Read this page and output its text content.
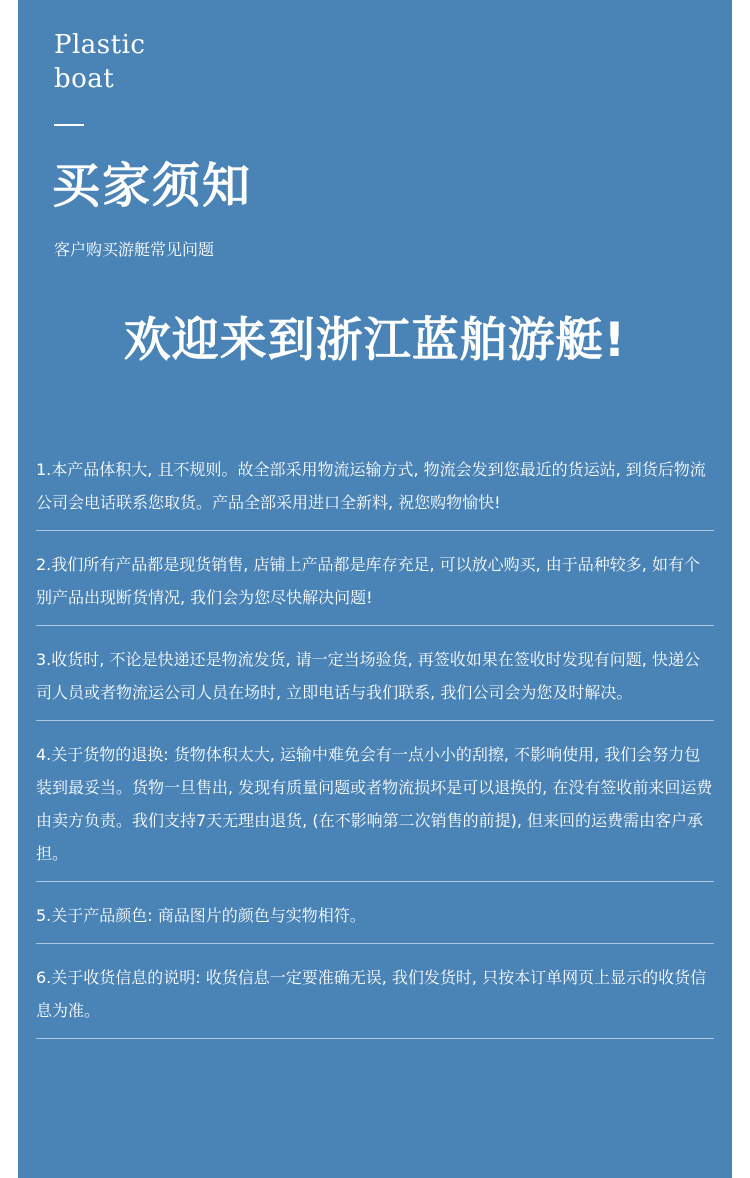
Plastic
boat
买家须知
客户购买游艇常见问题
欢迎来到浙江蓝舶游艇!
1.本产品体积大, 且不规则。故全部采用物流运输方式, 物流会发到您最近的货运站, 到货后物流公司会电话联系您取货。产品全部采用进口全新料, 祝您购物愉快!
2.我们所有产品都是现货销售, 店铺上产品都是库存充足, 可以放心购买, 由于品种较多, 如有个别产品出现断货情况, 我们会为您尽快解决问题!
3.收货时, 不论是快递还是物流发货, 请一定当场验货, 再签收如果在签收时发现有问题, 快递公司人员或者物流运公司人员在场时, 立即电话与我们联系, 我们公司会为您及时解决。
4.关于货物的退换: 货物体积太大, 运输中难免会有一点小小的刮擦, 不影响使用, 我们会努力包装到最妥当。货物一旦售出, 发现有质量问题或者物流损坏是可以退换的, 在没有签收前来回运费由卖方负责。我们支持7天无理由退货, (在不影响第二次销售的前提), 但来回的运费需由客户承担。
5.关于产品颜色: 商品图片的颜色与实物相符。
6.关于收货信息的说明: 收货信息一定要准确无误, 我们发货时, 只按本订单网页上显示的收货信息为准。
